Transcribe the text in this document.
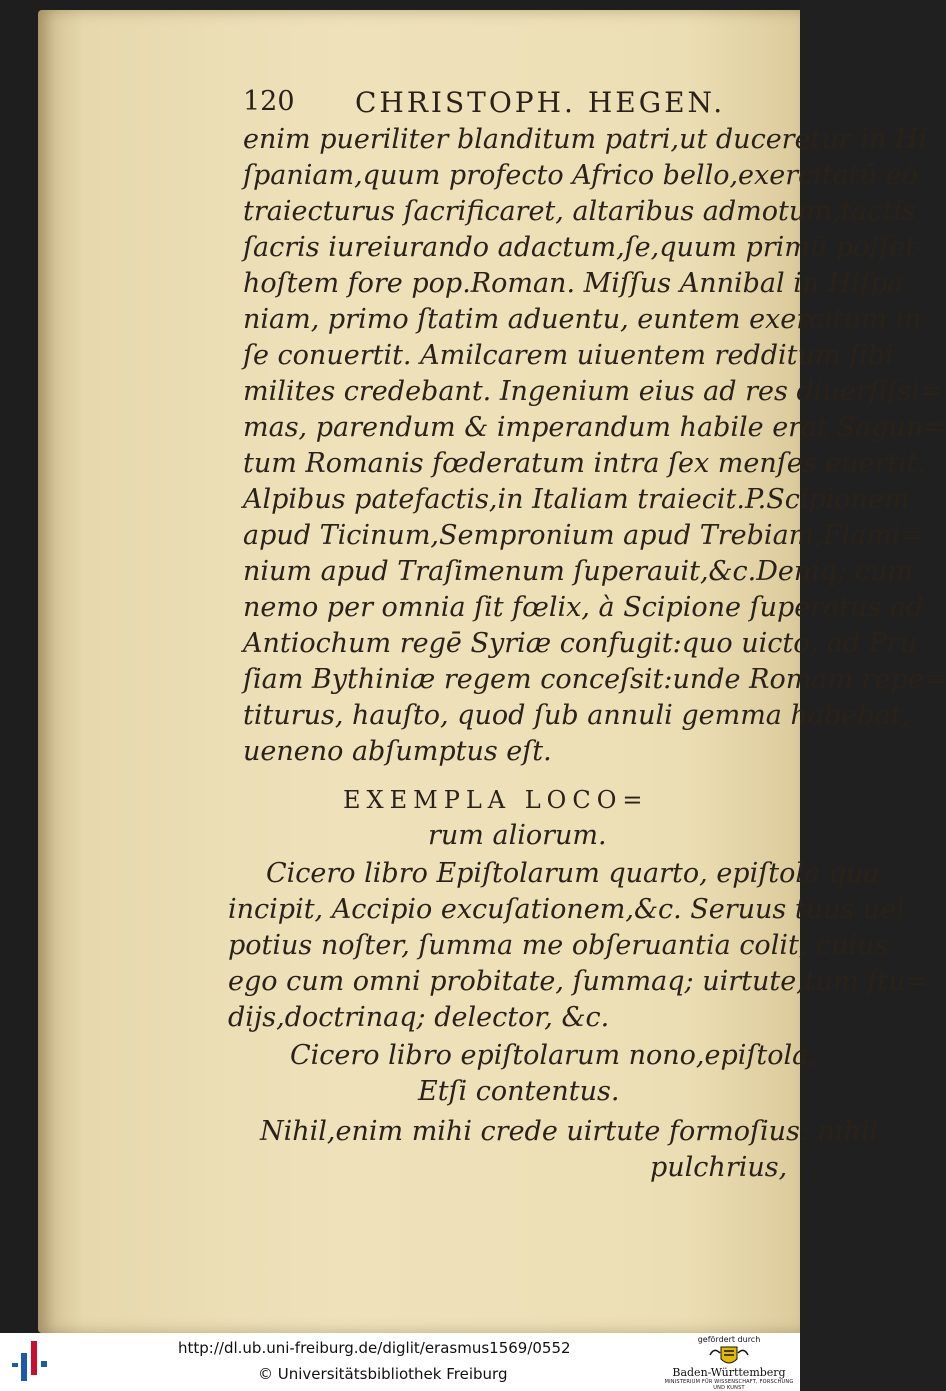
120 CHRISTOPH. HEGEN.
enim pueriliter blanditum patri,ut duceretur in Hi
ſpaniam,quum profecto Africo bello,exercitatū eò
traiecturus ſacrificaret, altaribus admotum,tactis
ſacris iureiurando adactum,ſe,quum primū poſſet
hoſtem fore pop.Roman. Miſſus Annibal in Hiſpa
niam, primo ſtatim aduentu, euntem exercitum in
ſe conuertit. Amilcarem uiuentem redditum ſibi
milites credebant. Ingenium eius ad res diuerſiſsi=
mas, parendum & imperandum habile erat Sagun=
tum Romanis fœderatum intra ſex menſes euertit.
Alpibus patefactis,in Italiam traiecit.P.Scipionem
apud Ticinum,Sempronium apud Trebiam,Flami=
nium apud Traſimenum ſuperauit,&c.Deniq; cum
nemo per omnia ſit fœlix, à Scipione ſuperatus ad
Antiochum regē Syriæ confugit:quo uicto, ad Pru
ſiam Bythiniæ regem conceſsit:unde Romam repe=
titurus, hauſto, quod ſub annuli gemma habebat,
ueneno abſumptus eſt.
EXEMPLA LOCO=
rum aliorum.
Cicero libro Epiſtolarum quarto, epiſtola qua
incipit, Accipio excuſationem,&c. Seruus tuus uel
potius noſter, ſumma me obſeruantia colit, cuius
ego cum omni probitate, ſummaq; uirtute,tum ſtu=
dijs,doctrinaq; delector, &c.
Cicero libro epiſtolarum nono,epiſtola,
Etſi contentus.
Nihil,enim mihi crede uirtute formoſius: nihil
pulchrius,
http://dl.ub.uni-freiburg.de/diglit/erasmus1569/0552
© Universitätsbibliothek Freiburg
gefördert durch
Baden-Württemberg
MINISTERIUM FÜR WISSENSCHAFT, FORSCHUNG UND KUNST
